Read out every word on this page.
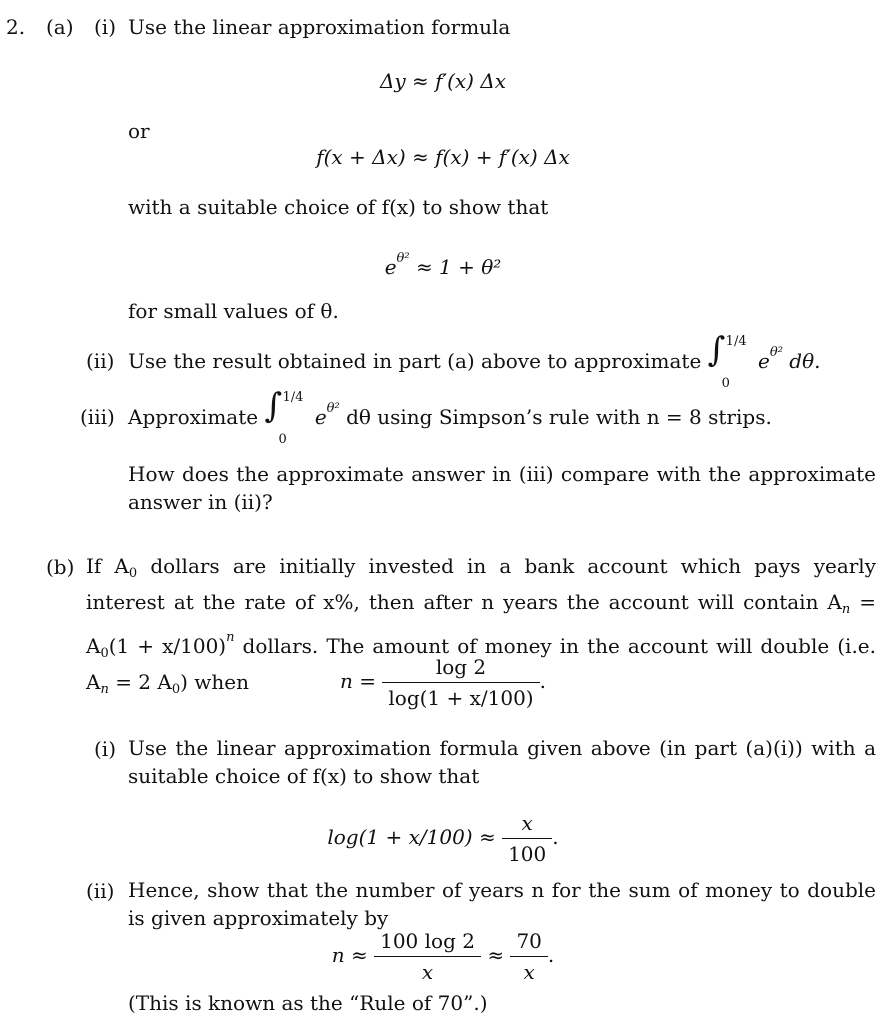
2. (a) (i) Use the linear approximation formula
Δy ≈ f′(x) Δx
or
f(x + Δx) ≈ f(x) + f′(x) Δx
with a suitable choice of f(x) to show that
$e^{\theta^2} \approx 1 + \theta^2$
for small values of θ.
(ii) Use the result obtained in part (a) above to approximate ∫ 1/4
0
$e^{\theta^2}$ dθ.
(iii) Approximate ∫ 1/4
0
$e^{\theta^2}$ dθ using Simpson’s rule with n = 8 strips.
How does the approximate answer in (iii) compare with the approximate answer in (ii)?
(b) If $A_0$ dollars are initially invested in a bank account which pays yearly interest at the rate of x%, then after n years the account will contain $A_n = A_0(1 + x/100)^n$ dollars. The amount of money in the account will double (i.e. $A_n = 2$ $A_0$) when	$n = \frac{\log 2}{\log(1 + x/100)}$ .
(i) Use the linear approximation formula given above (in part (a)(i)) with a suitable choice of f(x) to show that
$\log(1 + x/100) \approx \frac{x}{100}$ .
(ii) Hence, show that the number of years n for the sum of money to double is given approximately by
$n \approx \frac{100 \log 2}{x} \approx \frac{70}{x}$ .
(This is known as the “Rule of 70”.)
